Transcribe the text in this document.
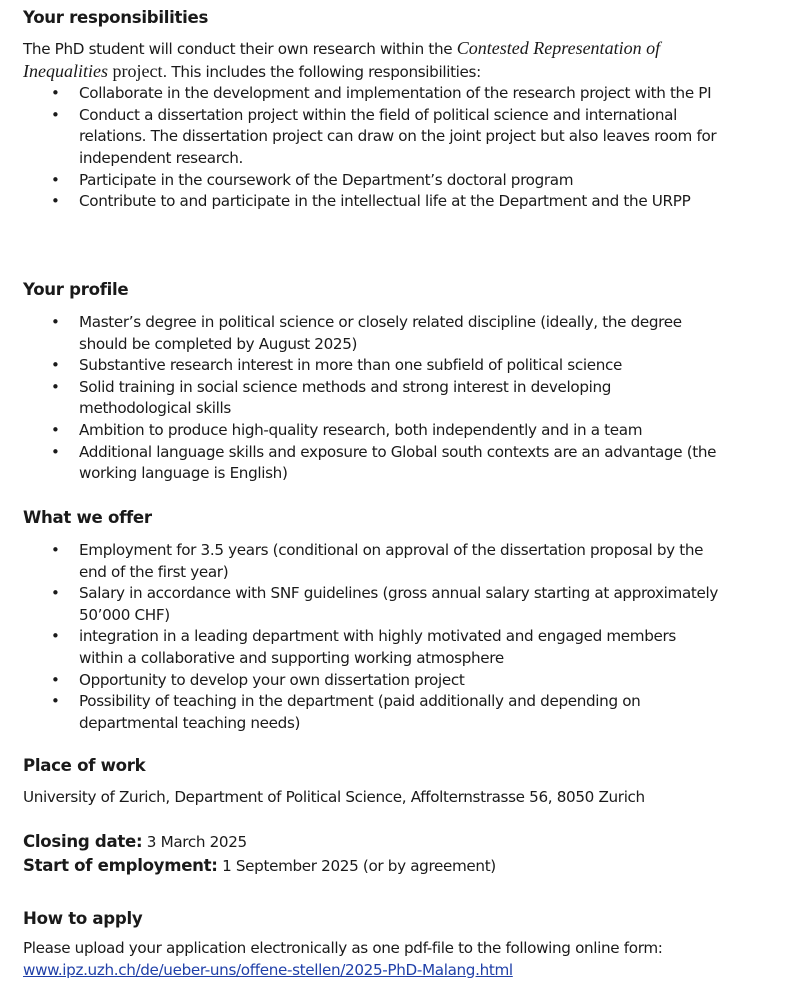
Your responsibilities

The PhD student will conduct their own research within the Contested Representation of Inequalities project. This includes the following responsibilities:

• Collaborate in the development and implementation of the research project with the PI
• Conduct a dissertation project within the field of political science and international relations. The dissertation project can draw on the joint project but also leaves room for independent research.
• Participate in the coursework of the Department’s doctoral program
• Contribute to and participate in the intellectual life at the Department and the URPP
Your profile
• Master’s degree in political science or closely related discipline (ideally, the degree should be completed by August 2025)
• Substantive research interest in more than one subfield of political science
• Solid training in social science methods and strong interest in developing methodological skills
• Ambition to produce high-quality research, both independently and in a team
• Additional language skills and exposure to Global south contexts are an advantage (the working language is English)
What we offer
• Employment for 3.5 years (conditional on approval of the dissertation proposal by the end of the first year)
• Salary in accordance with SNF guidelines (gross annual salary starting at approximately 50’000 CHF)
• integration in a leading department with highly motivated and engaged members within a collaborative and supporting working atmosphere
• Opportunity to develop your own dissertation project
• Possibility of teaching in the department (paid additionally and depending on departmental teaching needs)
Place of work

University of Zurich, Department of Political Science, Affolternstrasse 56, 8050 Zurich

Closing date: 3 March 2025

Start of employment: 1 September 2025 (or by agreement)

How to apply

Please upload your application electronically as one pdf-file to the following online form:

www.ipz.uzh.ch/de/ueber-uns/offene-stellen/2025-PhD-Malang.html
